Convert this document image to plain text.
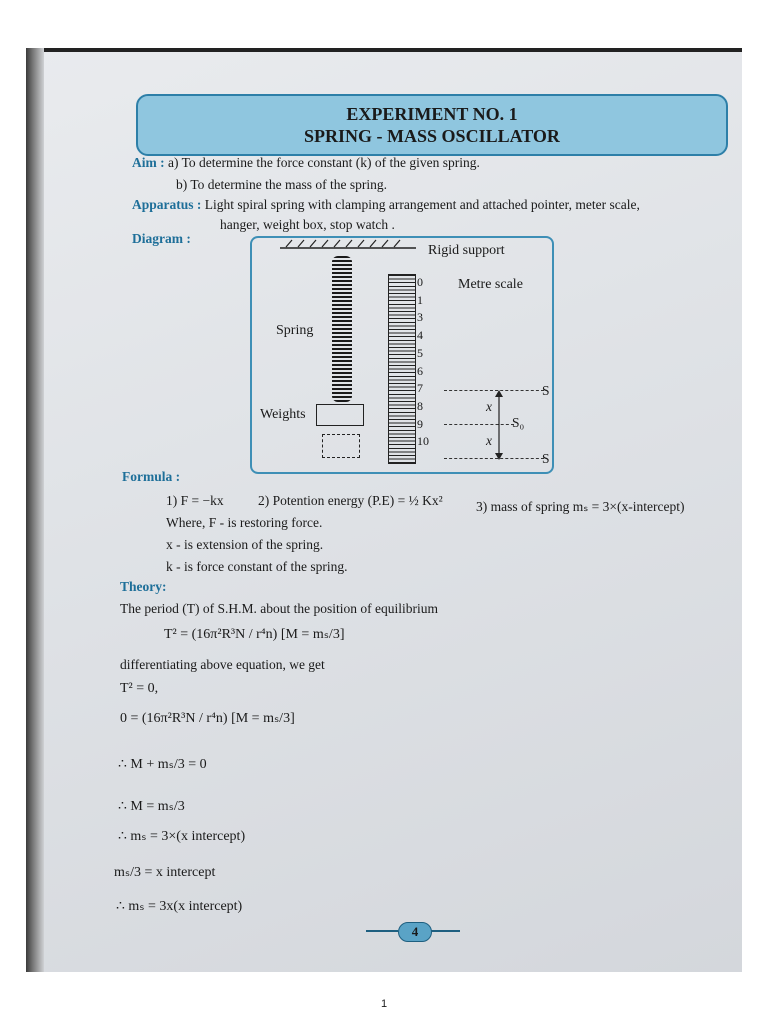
EXPERIMENT NO. 1
SPRING - MASS OSCILLATOR
Aim : a) To determine the force constant (k) of the given spring.
b) To determine the mass of the spring.
Apparatus : Light spiral spring with clamping arrangement and attached pointer, meter scale,
hanger, weight box, stop watch .
Diagram :
Rigid support
Metre scale
Spring
Weights
0
1
3
4
5
6
7
8
9
10
S
S₀
S
x
x
Formula :
1) F = −kx	2) Potention energy (P.E) = ½ Kx² 3) mass of spring mₛ = 3×(x-intercept)
Where, F - is restoring force.
x - is extension of the spring.
k - is force constant of the spring.
Theory:
The period (T) of S.H.M. about the position of equilibrium
T² = (16π²R³N / r⁴n) [M = mₛ/3]
differentiating above equation, we get
T² = 0,
0 = (16π²R³N / r⁴n) [M = mₛ/3]
∴ M + mₛ/3 = 0
∴ M = mₛ/3
∴ mₛ = 3×(x intercept)
mₛ/3 = x intercept
∴ mₛ = 3x(x intercept)
4
1
